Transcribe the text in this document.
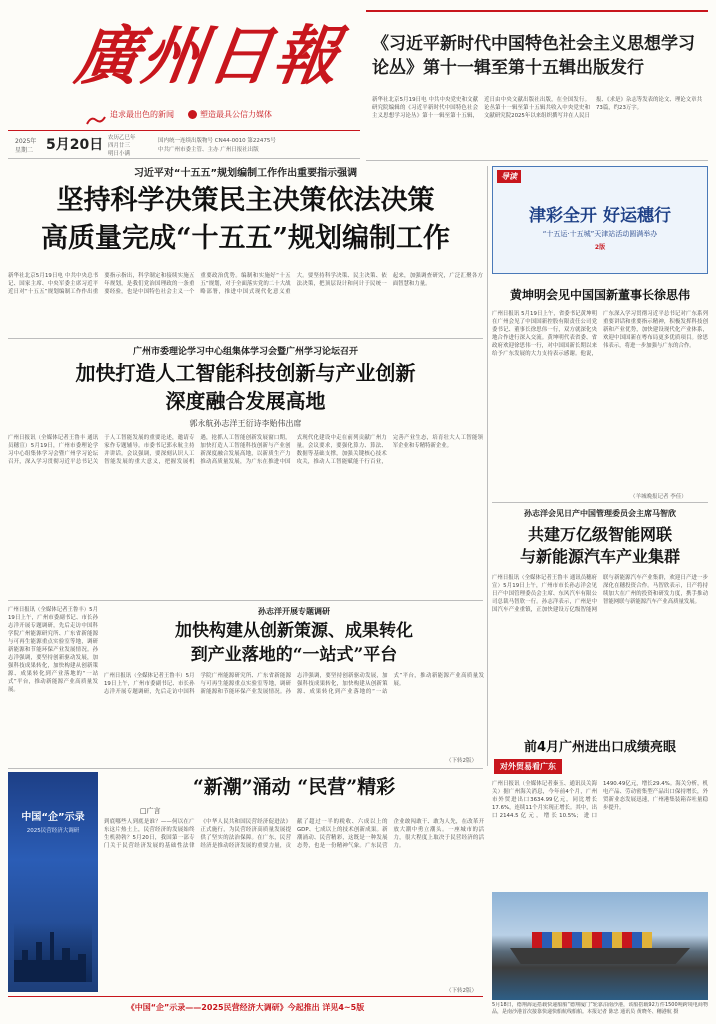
廣州日報
追求最出色的新闻	塑造最具公信力媒体
2025年
星期二 5月20日 农历乙巳年
四月廿三
明日小满
国内统一连续出版物号 CN44-0010 第22475号
中共广州市委主管、主办 广州日报社出版
《习近平新时代中国特色社会主义思想学习论丛》第十一辑至第十五辑出版发行
新华社北京5月19日电 中共中央党史和文献研究院编辑的《习近平新时代中国特色社会主义思想学习论丛》第十一辑至第十五辑，近日由中央文献出版社出版，在全国发行。论丛第十一辑至第十五辑共收入中央党史和文献研究院2025年以来组织撰写并在人民日报、《求是》杂志等发表的论文、理论文章共73篇，约23万字。
习近平对“十五五”规划编制工作作出重要指示强调
坚持科学决策民主决策依法决策
高质量完成“十五五”规划编制工作
新华社北京5月19日电 中共中央总书记、国家主席、中央军委主席习近平近日对“十五五”规划编制工作作出重要指示指出，科学制定和接续实施五年规划，是我们党治国理政的一条重要经验，也是中国特色社会主义一个重要政治优势。编制和实施好“十五五”规划，对于全面落实党的二十大战略部署，推进中国式现代化意义重大。要坚持科学决策、民主决策、依法决策，把顶层设计和问计于民统一起来，加强调查研究，广泛汇聚各方面智慧和力量。
导读
津彩全开 好运穗行
“十五运·十五城”天津站活动圆满举办
2版
黄坤明会见中国国新董事长徐思伟
广州日报讯 5月19日上午，省委书记黄坤明在广州会见了中国国新控股有限责任公司党委书记、董事长徐思伟一行，双方就深化央地合作进行深入交流。黄坤明代表省委、省政府欢迎徐思伟一行，对中国国新长期以来给予广东发展的大力支持表示感谢。他说，广东深入学习贯彻习近平总书记对广东系列重要讲话和重要指示精神，积极发挥科技创新和产业优势，加快建设现代化产业体系，欢迎中国国新在粤布局更多优质项目。徐思伟表示，将进一步加强与广东的合作。
（羊城晚报记者 李佳）
广州市委理论学习中心组集体学习会暨广州学习论坛召开
加快打造人工智能科技创新与产业创新
深度融合发展高地
郭永航孙志洋王衍诗李贻伟出席
广州日报讯（全媒体记者王鲁丰 通讯员穗宣）5月19日，广州市委理论学习中心组集体学习会暨广州学习论坛召开，深入学习贯彻习近平总书记关于人工智能发展的重要论述，邀请专家作专题辅导。市委书记郭永航主持并讲话。会议强调，要深刻认识人工智能发展的重大意义，把握发展机遇，抢抓人工智能创新发展窗口期，加快打造人工智能科技创新与产业创新深度融合发展高地，以新质生产力推动高质量发展，为广东在推进中国式现代化建设中走在前列贡献广州力量。会议要求，要强化算力、算法、数据等基础支撑，加强关键核心技术攻关，推动人工智能赋能千行百业，完善产业生态，培育壮大人工智能领军企业和专精特新企业。
广州日报讯（全媒体记者王鲁丰）5月19日上午，广州市委副书记、市长孙志洋开展专题调研，先后走访中国科学院广州能源研究所、广东省新能源与可再生能源重点实验室等地，调研新能源和节能环保产业发展情况。孙志洋强调，要坚持创新驱动发展，加强科技成果转化，加快构建从创新策源、成果转化到产业落地的“一站式”平台，推动新能源产业高质量发展。
孙志洋开展专题调研
加快构建从创新策源、成果转化
到产业落地的“一站式”平台
广州日报讯（全媒体记者王鲁丰）5月19日上午，广州市委副书记、市长孙志洋开展专题调研，先后走访中国科学院广州能源研究所、广东省新能源与可再生能源重点实验室等地，调研新能源和节能环保产业发展情况。孙志洋强调，要坚持创新驱动发展，加强科技成果转化，加快构建从创新策源、成果转化到产业落地的“一站式”平台，推动新能源产业高质量发展。
（下转2版）
孙志洋会见日产中国管理委员会主席马智欣
共建万亿级智能网联
与新能源汽车产业集群
广州日报讯（全媒体记者王鲁丰 通讯员穗府宣）5月19日上午，广州市市长孙志洋会见日产中国管理委员会主席、东风汽车有限公司总裁马智欣一行。孙志洋表示，广州是中国汽车产业重镇，正加快建设万亿级智能网联与新能源汽车产业集群，欢迎日产进一步深化在穗投资合作。马智欣表示，日产将持续加大在广州的投资和研发力度，携手推动智能网联与新能源汽车产业高质量发展。
前4月广州进出口成绩亮眼
对外贸易看广东
广州日报讯（全媒体记者秦玉、通讯员关海关）据广州海关消息，今年前4个月，广州市外贸进出口3634.99亿元，同比增长17.6%，连续11个月实现正增长。其中，出口2144.5亿元，增长10.5%；进口1490.49亿元，增长29.4%。海关分析，机电产品、劳动密集型产品出口保持增长，外贸新业态发展迅速，广州港集装箱吞吐量稳步提升。
5月18日，德翔海运搭载快递船舶“德翔厦门”轮靠泊南沙港，该船搭载92万件1500吨跨境电商物品，是南沙港首次接靠快递快船航线船舶。本报记者 陈忠 通讯员 黄晓冬、穗港航 摄
中国“企”示录
2025民营经济大调研
“新潮”涌动 “民营”精彩
□广言
到底哪些人到底是谁？——何以在广东这片热土上，民营经济的发展始终生机勃勃？5月20日，我国第一部专门关于民营经济发展的基础性法律《中华人民共和国民营经济促进法》正式施行，为民营经济高质量发展提供了坚实的法治保障。在广东，民营经济是推动经济发展的重要力量，贡献了超过一半的税收、六成以上的GDP、七成以上的技术创新成果。新潮涌动、民营精彩，这既是一种发展态势，也是一份精神气象。广东民营企业敢闯敢干、敢为人先，在改革开放大潮中勇立潮头。一座城市的活力，很大程度上取决于民营经济的活力。
（下转2版）
《中国“企”示录——2025民营经济大调研》今起推出 详见4~5版
